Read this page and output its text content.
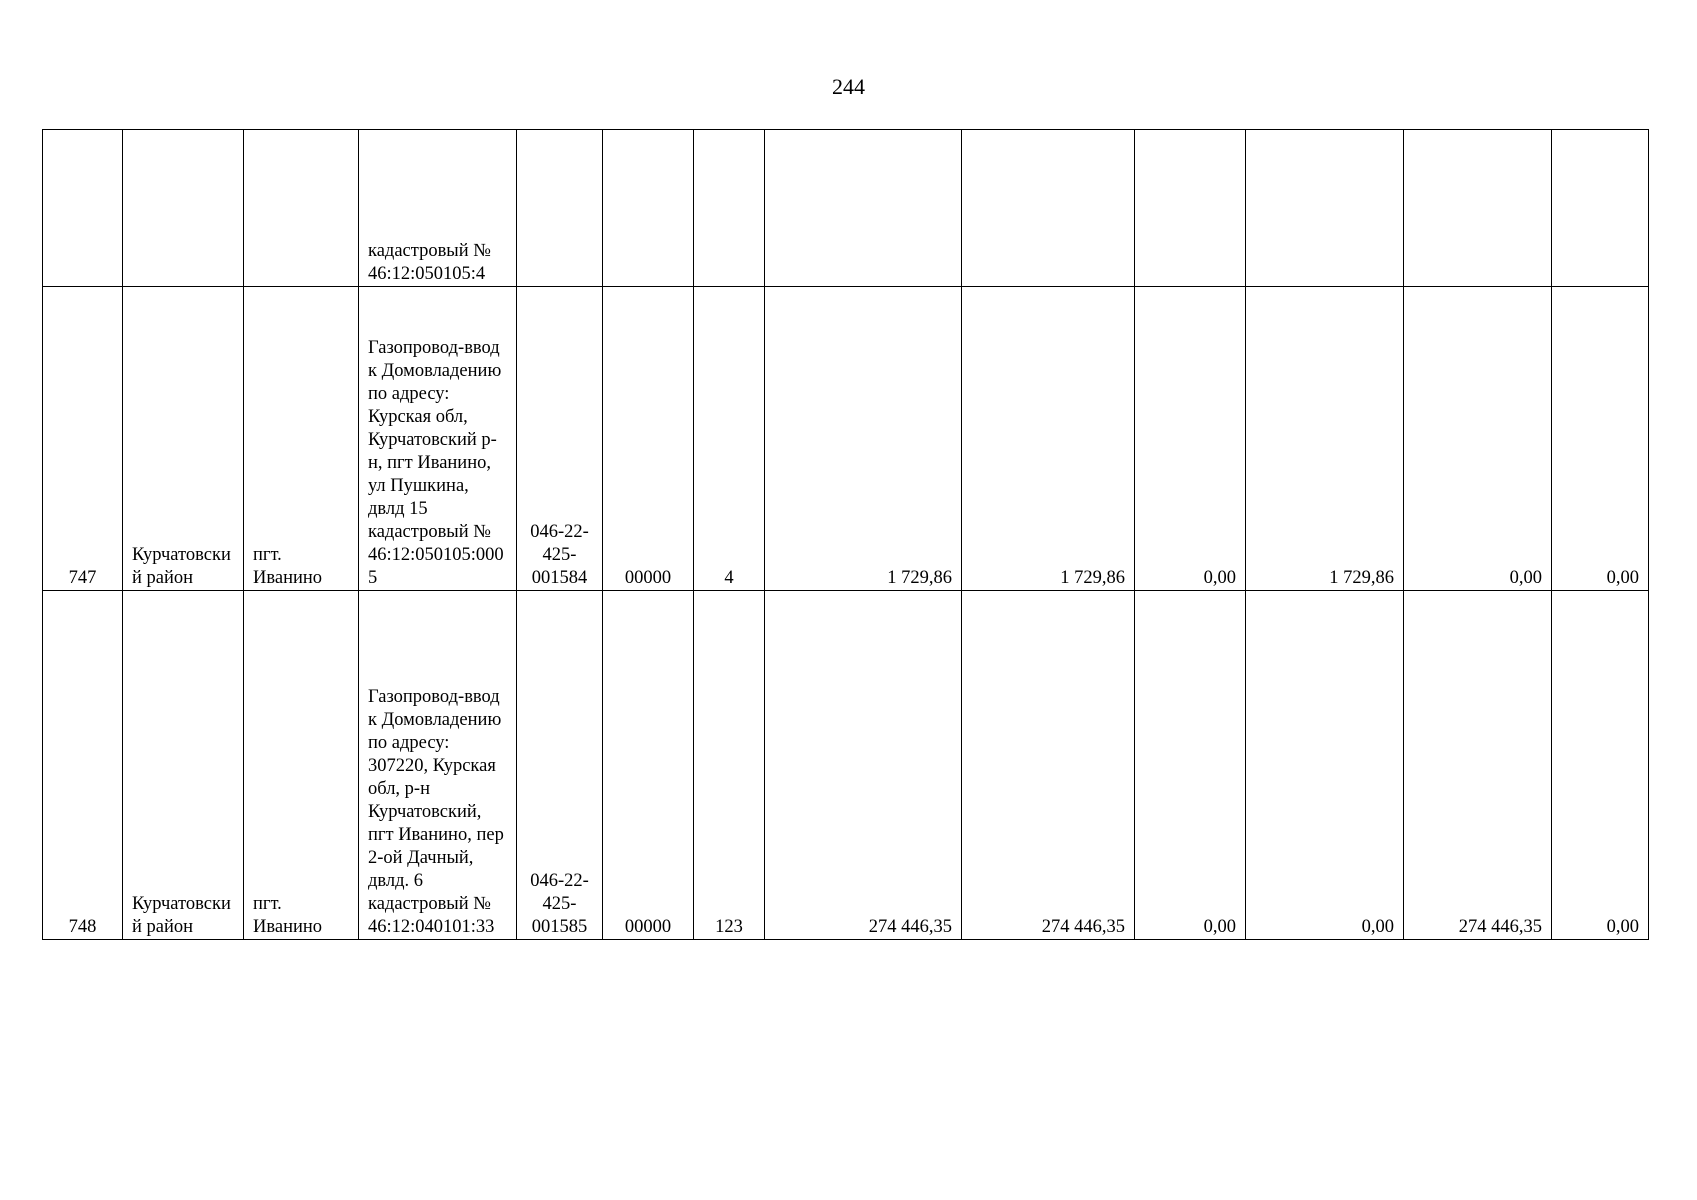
244
			кадастровый № 46:12:050105:4									
747	Курчатовский район	пгт. Иванино	Газопровод-ввод к Домовладению по адресу: Курская обл, Курчатовский р-н, пгт Иванино, ул Пушкина, двлд 15 кадастровый № 46:12:050105:0005	046-22-425-001584	00000	4	1 729,86	1 729,86	0,00	1 729,86	0,00	0,00
748	Курчатовский район	пгт. Иванино	Газопровод-ввод к Домовладению по адресу: 307220, Курская обл, р-н Курчатовский, пгт Иванино, пер 2-ой Дачный, двлд. 6 кадастровый № 46:12:040101:33	046-22-425-001585	00000	123	274 446,35	274 446,35	0,00	0,00	274 446,35	0,00
